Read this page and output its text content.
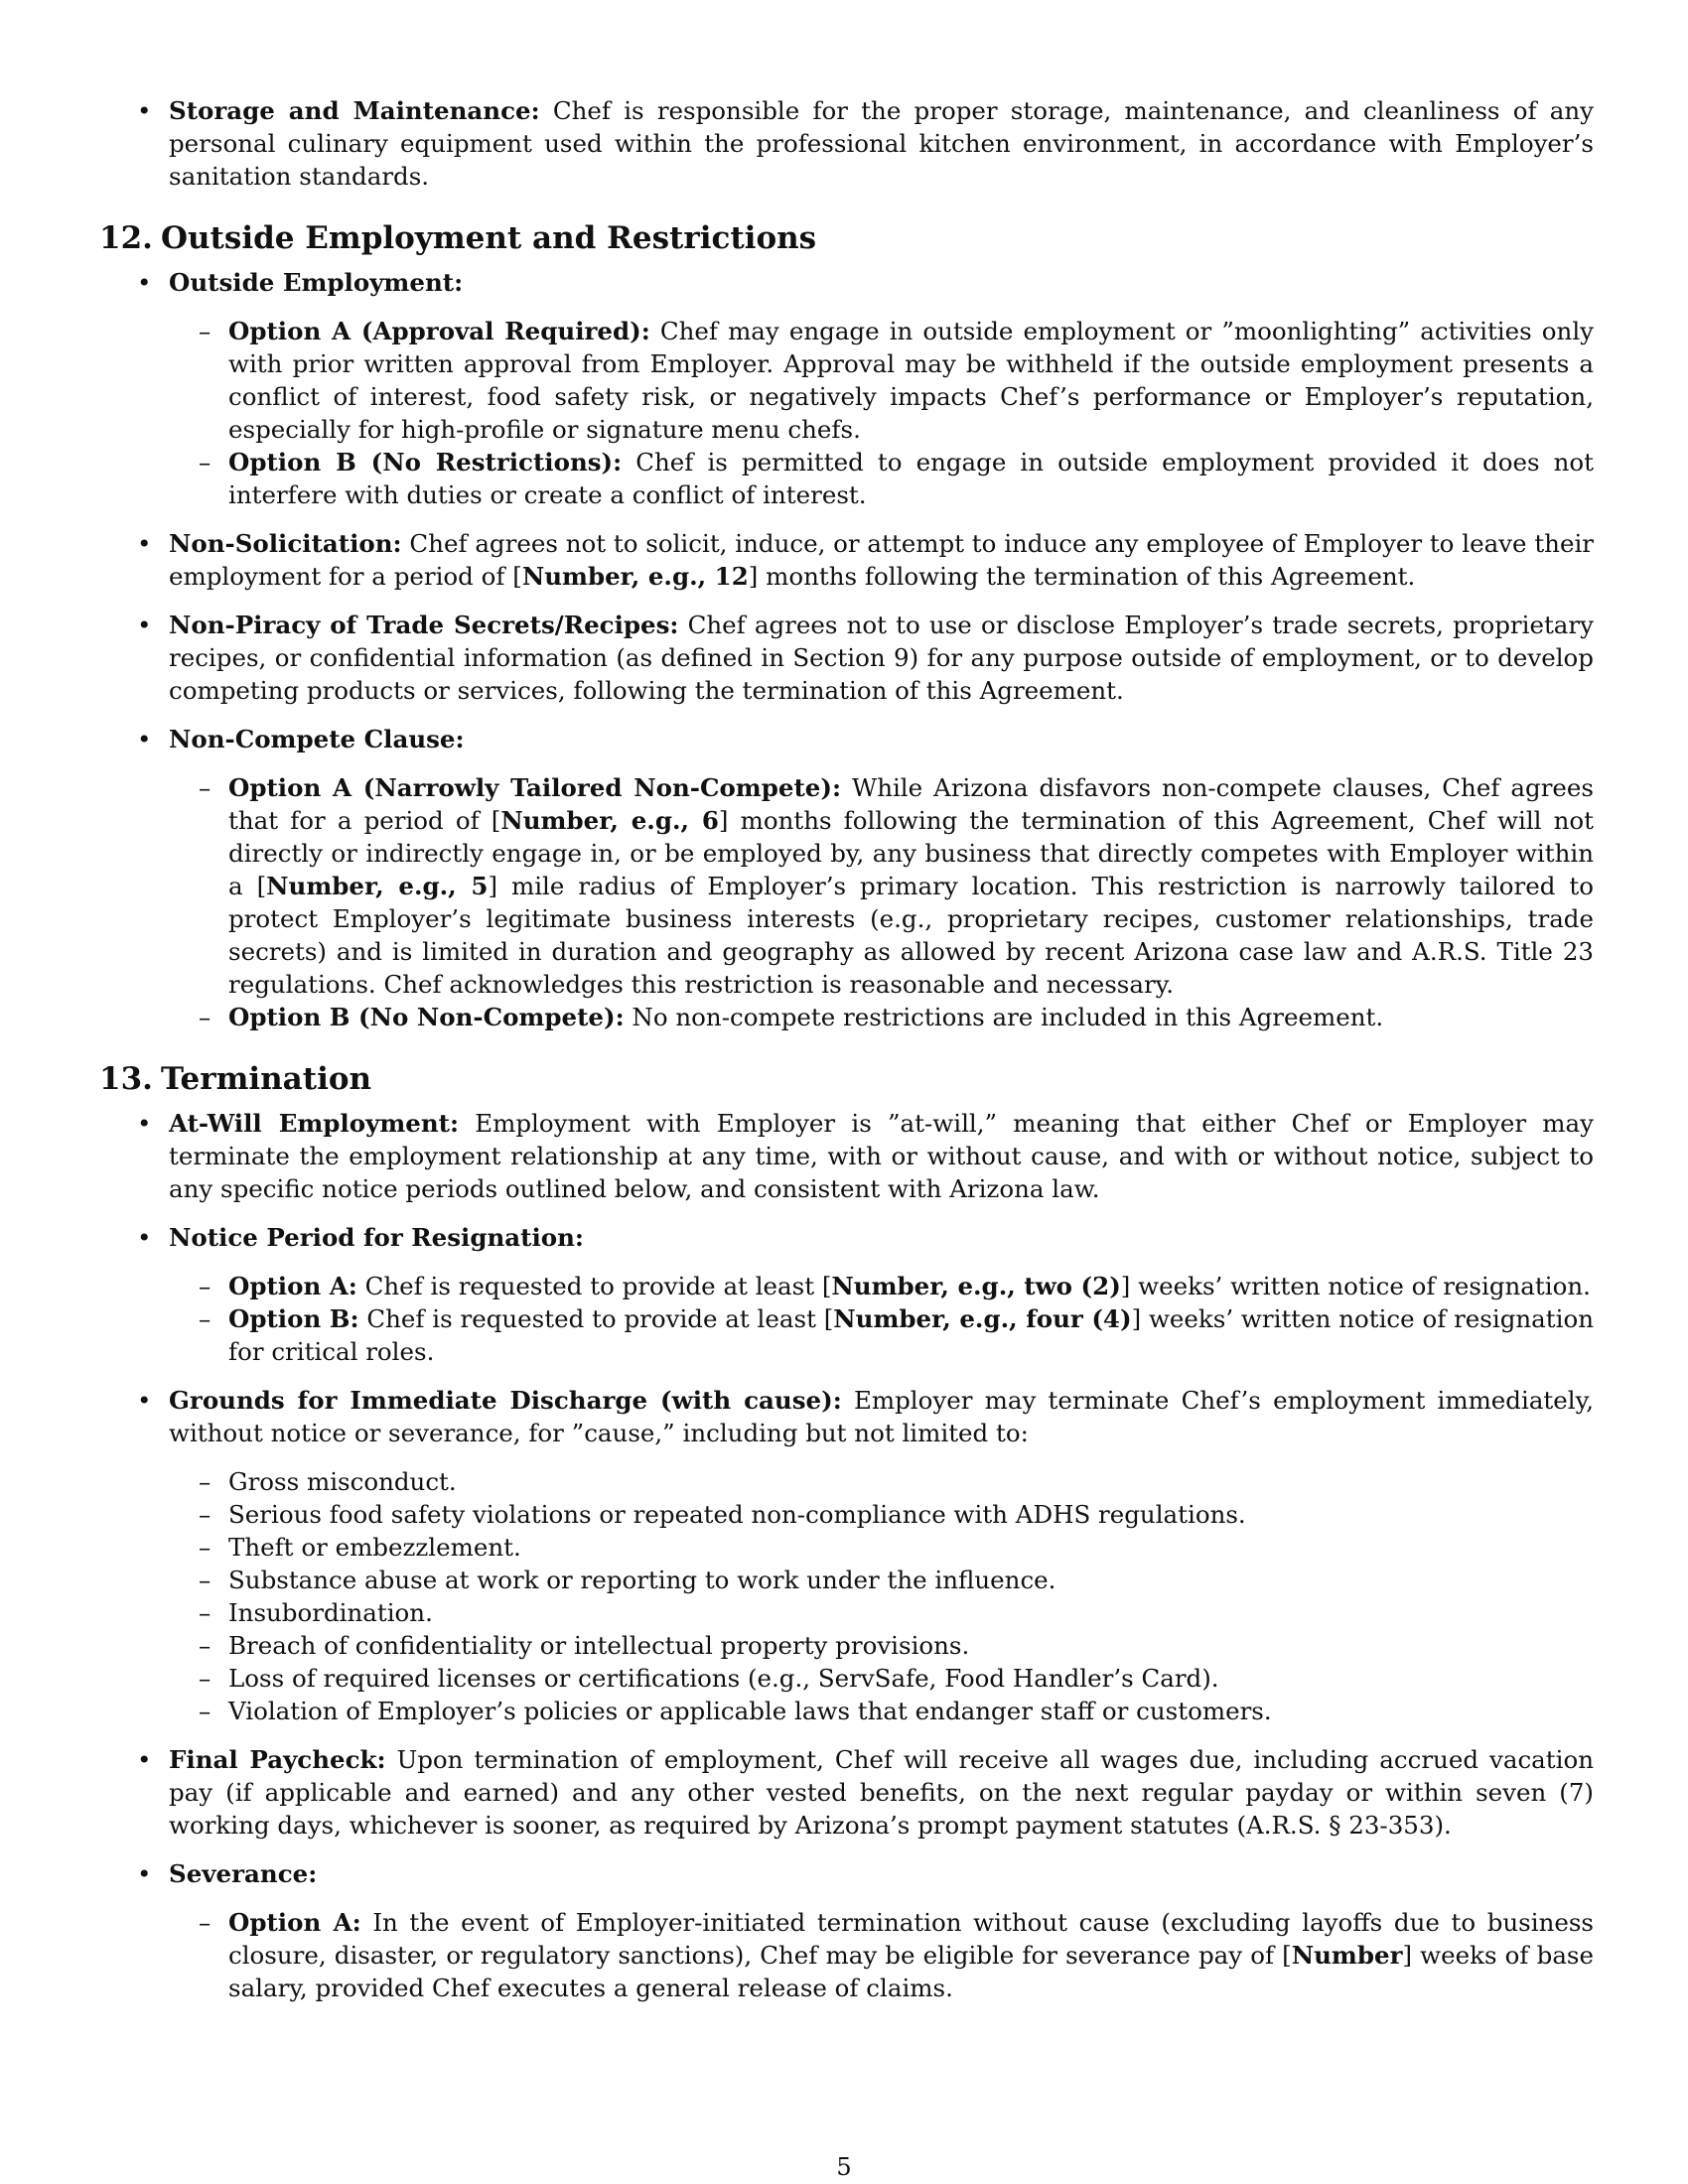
• Storage and Maintenance: Chef is responsible for the proper storage, maintenance, and cleanliness of any personal culinary equipment used within the professional kitchen environment, in accordance with Employer’s sanitation standards.
12. Outside Employment and Restrictions
• Outside Employment:
– Option A (Approval Required): Chef may engage in outside employment or ”moonlighting” activities only with prior written approval from Employer. Approval may be withheld if the outside employment presents a conflict of interest, food safety risk, or negatively impacts Chef’s performance or Employer’s reputation, especially for high-profile or signature menu chefs.
– Option B (No Restrictions): Chef is permitted to engage in outside employment provided it does not interfere with duties or create a conflict of interest.
• Non-Solicitation: Chef agrees not to solicit, induce, or attempt to induce any employee of Employer to leave their employment for a period of [Number, e.g., 12] months following the termination of this Agreement.
• Non-Piracy of Trade Secrets/Recipes: Chef agrees not to use or disclose Employer’s trade secrets, proprietary recipes, or confidential information (as defined in Section 9) for any purpose outside of employment, or to develop competing products or services, following the termination of this Agreement.
• Non-Compete Clause:
– Option A (Narrowly Tailored Non-Compete): While Arizona disfavors non-compete clauses, Chef agrees that for a period of [Number, e.g., 6] months following the termination of this Agreement, Chef will not directly or indirectly engage in, or be employed by, any business that directly competes with Employer within a [Number, e.g., 5] mile radius of Employer’s primary location. This restriction is narrowly tailored to protect Employer’s legitimate business interests (e.g., proprietary recipes, customer relationships, trade secrets) and is limited in duration and geography as allowed by recent Arizona case law and A.R.S. Title 23 regulations. Chef acknowledges this restriction is reasonable and necessary.
– Option B (No Non-Compete): No non-compete restrictions are included in this Agreement.
13. Termination
• At-Will Employment: Employment with Employer is ”at-will,” meaning that either Chef or Employer may terminate the employment relationship at any time, with or without cause, and with or without notice, subject to any specific notice periods outlined below, and consistent with Arizona law.
• Notice Period for Resignation:
– Option A: Chef is requested to provide at least [Number, e.g., two (2)] weeks’ written notice of resignation.
– Option B: Chef is requested to provide at least [Number, e.g., four (4)] weeks’ written notice of resignation for critical roles.
• Grounds for Immediate Discharge (with cause): Employer may terminate Chef’s employment immediately, without notice or severance, for ”cause,” including but not limited to:
– Gross misconduct.
– Serious food safety violations or repeated non-compliance with ADHS regulations.
– Theft or embezzlement.
– Substance abuse at work or reporting to work under the influence.
– Insubordination.
– Breach of confidentiality or intellectual property provisions.
– Loss of required licenses or certifications (e.g., ServSafe, Food Handler’s Card).
– Violation of Employer’s policies or applicable laws that endanger staff or customers.
• Final Paycheck: Upon termination of employment, Chef will receive all wages due, including accrued vacation pay (if applicable and earned) and any other vested benefits, on the next regular payday or within seven (7) working days, whichever is sooner, as required by Arizona’s prompt payment statutes (A.R.S. § 23-353).
• Severance:
– Option A: In the event of Employer-initiated termination without cause (excluding layoffs due to business closure, disaster, or regulatory sanctions), Chef may be eligible for severance pay of [Number] weeks of base salary, provided Chef executes a general release of claims.
5
